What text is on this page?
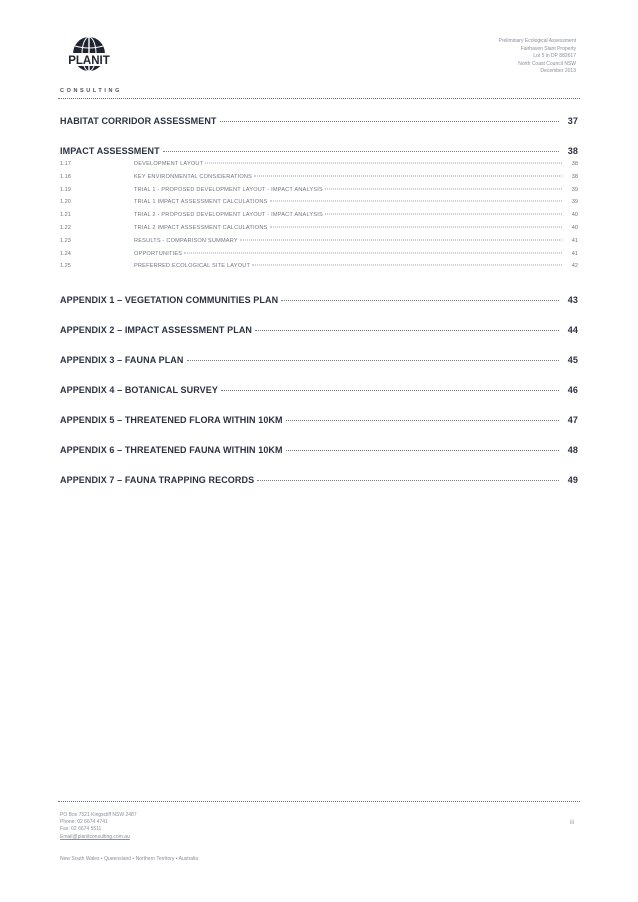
PLANIT
CONSULTING
Preliminary Ecological Assessment
Fairhaven Slant Property
Lot 5 in DP 882617
North Coast Council NSW
December 2013
HABITAT CORRIDOR ASSESSMENT	37
IMPACT ASSESSMENT	38
1.17	DEVELOPMENT LAYOUT	38
1.18	KEY ENVIRONMENTAL CONSIDERATIONS	38
1.19	TRIAL 1 - PROPOSED DEVELOPMENT LAYOUT - IMPACT ANALYSIS	39
1.20	TRIAL 1 IMPACT ASSESSMENT CALCULATIONS	39
1.21	TRIAL 2 - PROPOSED DEVELOPMENT LAYOUT - IMPACT ANALYSIS	40
1.22	TRIAL 2 IMPACT ASSESSMENT CALCULATIONS	40
1.23	RESULTS - COMPARISON SUMMARY	41
1.24	OPPORTUNITIES	41
1.25	PREFERRED ECOLOGICAL SITE LAYOUT	42
APPENDIX 1 – VEGETATION COMMUNITIES PLAN	43
APPENDIX 2 – IMPACT ASSESSMENT PLAN	44
APPENDIX 3 – FAUNA PLAN	45
APPENDIX 4 – BOTANICAL SURVEY	46
APPENDIX 5 – THREATENED FLORA WITHIN 10KM	47
APPENDIX 6 – THREATENED FAUNA WITHIN 10KM	48
APPENDIX 7 – FAUNA TRAPPING RECORDS	49
PO Box 7521 Kingscliff NSW 2487
Phone: 02 6674 4741
Fax: 02 6674 5511
Email@planitconsulting.com.au
iii
New South Wales • Queensland • Northern Territory • Australia
